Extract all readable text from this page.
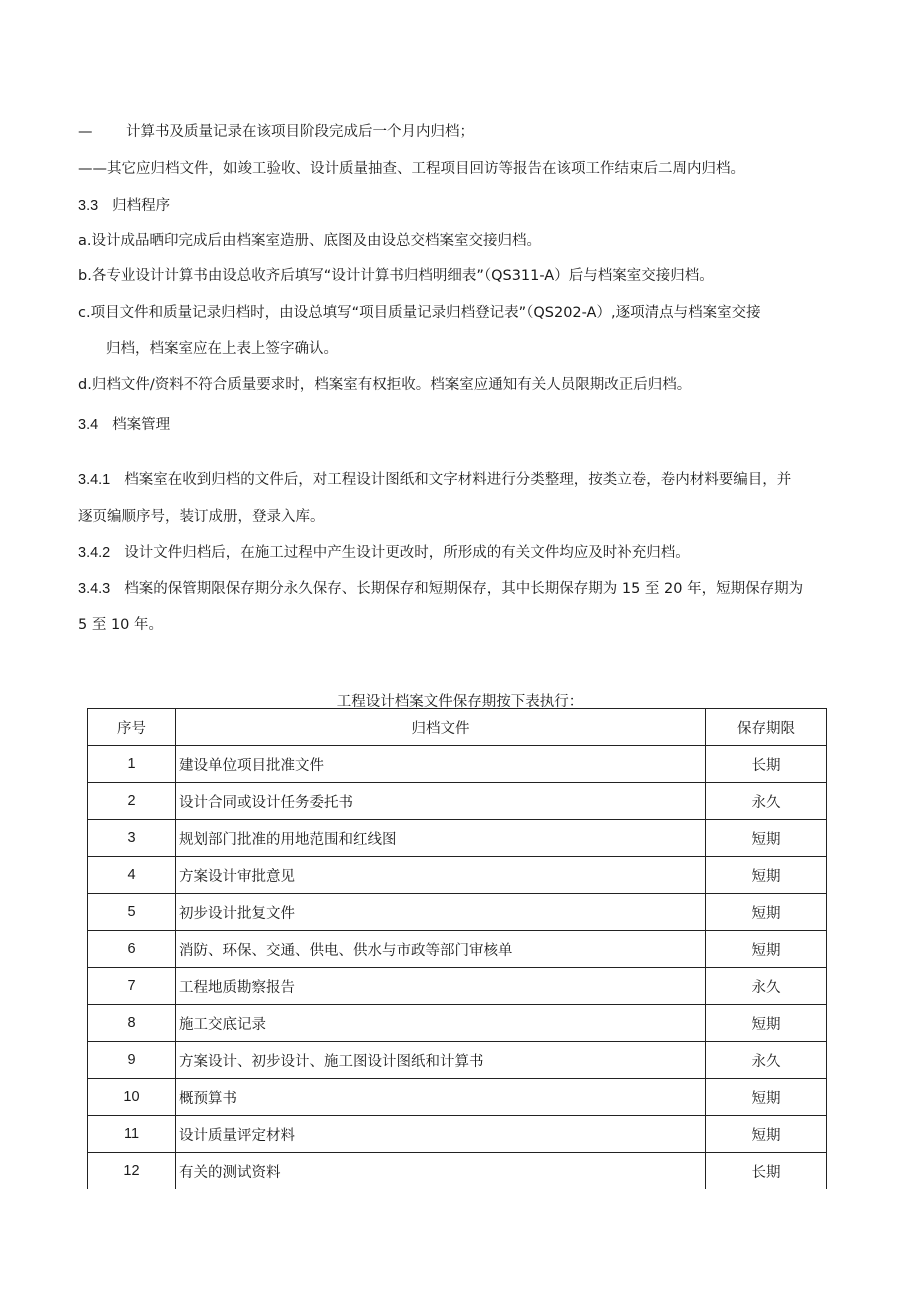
— 计算书及质量记录在该项目阶段完成后一个月内归档；
——其它应归档文件，如竣工验收、设计质量抽查、工程项目回访等报告在该项工作结束后二周内归档。
3.3 归档程序
a.设计成品晒印完成后由档案室造册、底图及由设总交档案室交接归档。
b.各专业设计计算书由设总收齐后填写“设计计算书归档明细表”（QS311-A）后与档案室交接归档。
c.项目文件和质量记录归档时，由设总填写“项目质量记录归档登记表”（QS202-A）,逐项清点与档案室交接
归档，档案室应在上表上签字确认。
d.归档文件/资料不符合质量要求时，档案室有权拒收。档案室应通知有关人员限期改正后归档。
3.4 档案管理
3.4.1 档案室在收到归档的文件后，对工程设计图纸和文字材料进行分类整理，按类立卷，卷内材料要编目，并
逐页编顺序号，装订成册，登录入库。
3.4.2 设计文件归档后，在施工过程中产生设计更改时，所形成的有关文件均应及时补充归档。
3.4.3 档案的保管期限保存期分永久保存、长期保存和短期保存，其中长期保存期为 15 至 20 年，短期保存期为
5 至 10 年。
工程设计档案文件保存期按下表执行：
序号	归档文件	保存期限
1	建设单位项目批准文件	长期
2	设计合同或设计任务委托书	永久
3	规划部门批准的用地范围和红线图	短期
4	方案设计审批意见	短期
5	初步设计批复文件	短期
6	消防、环保、交通、供电、供水与市政等部门审核单	短期
7	工程地质勘察报告	永久
8	施工交底记录	短期
9	方案设计、初步设计、施工图设计图纸和计算书	永久
10	概预算书	短期
11	设计质量评定材料	短期
12	有关的测试资料	长期
